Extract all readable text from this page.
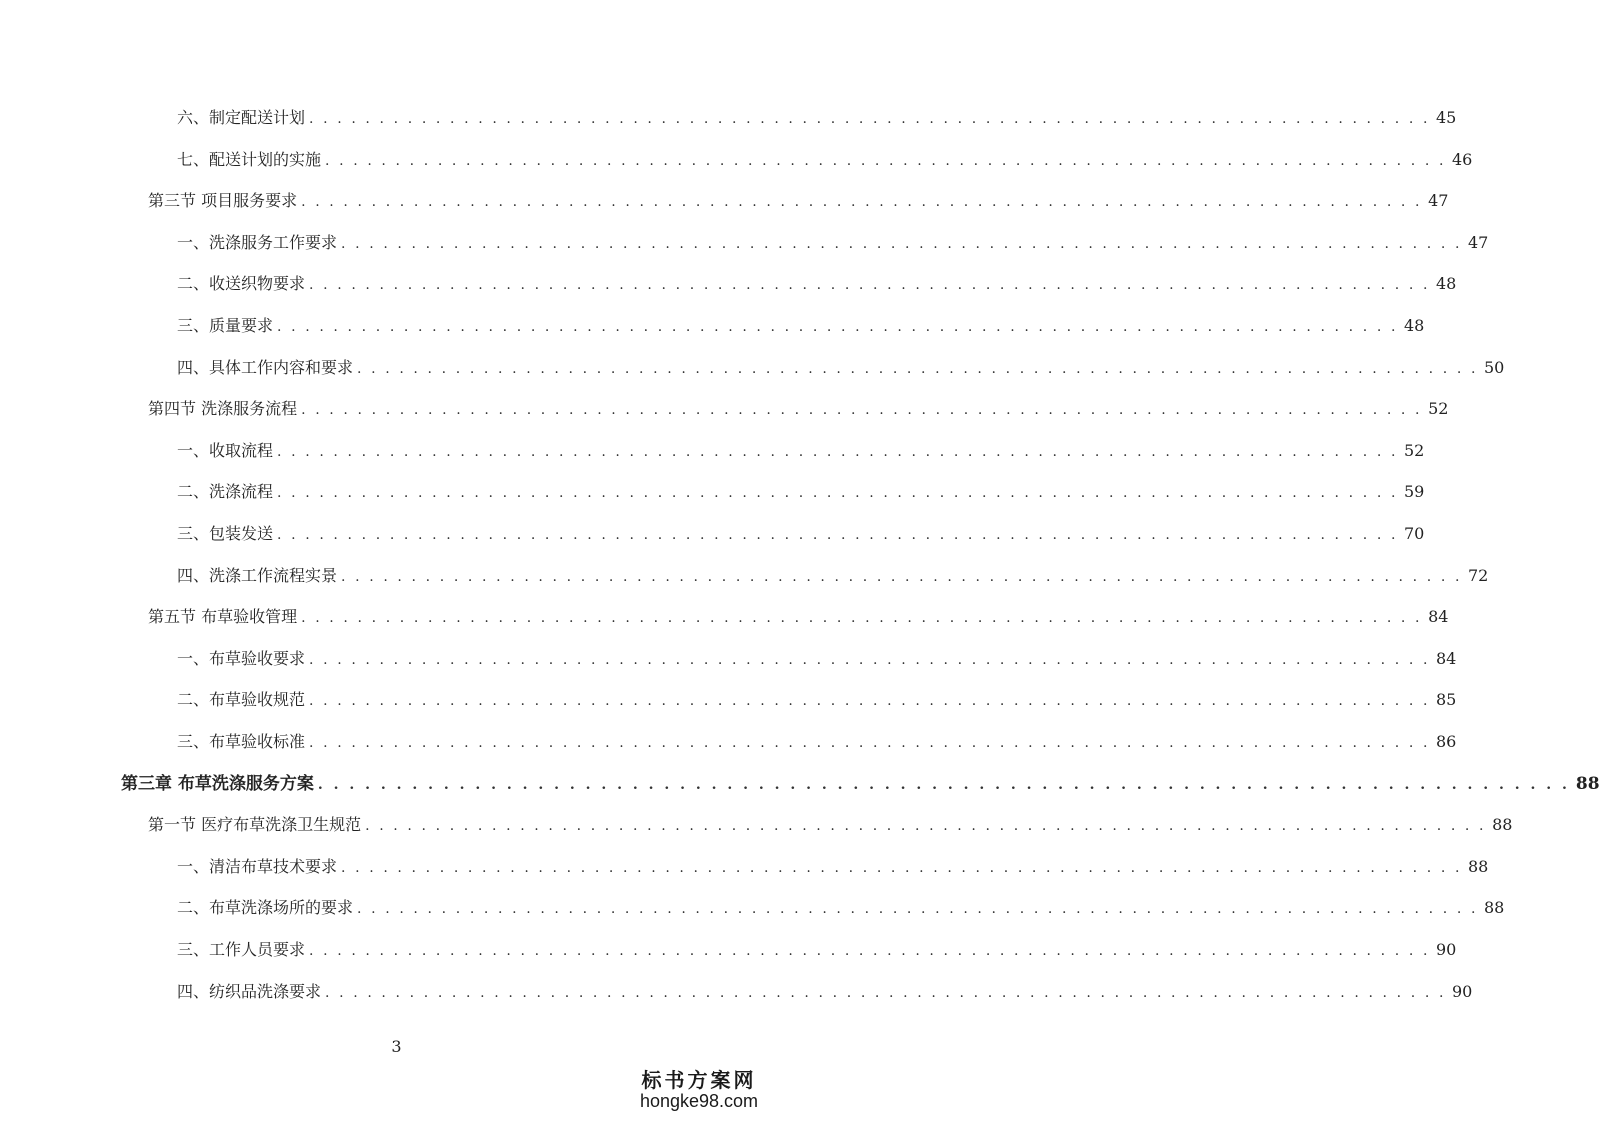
六、制定配送计划 . . . . . . . . . . . . . . . . . . . . . . . . . . . . . . . . . . . . . . . . . . . . . . . . . . . . . . . . . . . . . . . . . . . . . . . . . . . . . . . . 45
七、配送计划的实施 . . . . . . . . . . . . . . . . . . . . . . . . . . . . . . . . . . . . . . . . . . . . . . . . . . . . . . . . . . . . . . . . . . . . . . . . . . . . . . . . 46
第三节 项目服务要求 . . . . . . . . . . . . . . . . . . . . . . . . . . . . . . . . . . . . . . . . . . . . . . . . . . . . . . . . . . . . . . . . . . . . . . . . . . . . . . . . 47
一、洗涤服务工作要求 . . . . . . . . . . . . . . . . . . . . . . . . . . . . . . . . . . . . . . . . . . . . . . . . . . . . . . . . . . . . . . . . . . . . . . . . . . . . . . . . 47
二、收送织物要求 . . . . . . . . . . . . . . . . . . . . . . . . . . . . . . . . . . . . . . . . . . . . . . . . . . . . . . . . . . . . . . . . . . . . . . . . . . . . . . . . 48
三、质量要求 . . . . . . . . . . . . . . . . . . . . . . . . . . . . . . . . . . . . . . . . . . . . . . . . . . . . . . . . . . . . . . . . . . . . . . . . . . . . . . . . 48
四、具体工作内容和要求 . . . . . . . . . . . . . . . . . . . . . . . . . . . . . . . . . . . . . . . . . . . . . . . . . . . . . . . . . . . . . . . . . . . . . . . . . . . . . . . . 50
第四节 洗涤服务流程 . . . . . . . . . . . . . . . . . . . . . . . . . . . . . . . . . . . . . . . . . . . . . . . . . . . . . . . . . . . . . . . . . . . . . . . . . . . . . . . . 52
一、收取流程 . . . . . . . . . . . . . . . . . . . . . . . . . . . . . . . . . . . . . . . . . . . . . . . . . . . . . . . . . . . . . . . . . . . . . . . . . . . . . . . . 52
二、洗涤流程 . . . . . . . . . . . . . . . . . . . . . . . . . . . . . . . . . . . . . . . . . . . . . . . . . . . . . . . . . . . . . . . . . . . . . . . . . . . . . . . . 59
三、包装发送 . . . . . . . . . . . . . . . . . . . . . . . . . . . . . . . . . . . . . . . . . . . . . . . . . . . . . . . . . . . . . . . . . . . . . . . . . . . . . . . . 70
四、洗涤工作流程实景 . . . . . . . . . . . . . . . . . . . . . . . . . . . . . . . . . . . . . . . . . . . . . . . . . . . . . . . . . . . . . . . . . . . . . . . . . . . . . . . . 72
第五节 布草验收管理 . . . . . . . . . . . . . . . . . . . . . . . . . . . . . . . . . . . . . . . . . . . . . . . . . . . . . . . . . . . . . . . . . . . . . . . . . . . . . . . . 84
一、布草验收要求 . . . . . . . . . . . . . . . . . . . . . . . . . . . . . . . . . . . . . . . . . . . . . . . . . . . . . . . . . . . . . . . . . . . . . . . . . . . . . . . . 84
二、布草验收规范 . . . . . . . . . . . . . . . . . . . . . . . . . . . . . . . . . . . . . . . . . . . . . . . . . . . . . . . . . . . . . . . . . . . . . . . . . . . . . . . . 85
三、布草验收标准 . . . . . . . . . . . . . . . . . . . . . . . . . . . . . . . . . . . . . . . . . . . . . . . . . . . . . . . . . . . . . . . . . . . . . . . . . . . . . . . . 86
第三章 布草洗涤服务方案 . . . . . . . . . . . . . . . . . . . . . . . . . . . . . . . . . . . . . . . . . . . . . . . . . . . . . . . . . . . . . . . . . . . . . . . . . . . . . . . . 88
第一节 医疗布草洗涤卫生规范 . . . . . . . . . . . . . . . . . . . . . . . . . . . . . . . . . . . . . . . . . . . . . . . . . . . . . . . . . . . . . . . . . . . . . . . . . . . . . . . . 88
一、清洁布草技术要求 . . . . . . . . . . . . . . . . . . . . . . . . . . . . . . . . . . . . . . . . . . . . . . . . . . . . . . . . . . . . . . . . . . . . . . . . . . . . . . . . 88
二、布草洗涤场所的要求 . . . . . . . . . . . . . . . . . . . . . . . . . . . . . . . . . . . . . . . . . . . . . . . . . . . . . . . . . . . . . . . . . . . . . . . . . . . . . . . . 88
三、工作人员要求 . . . . . . . . . . . . . . . . . . . . . . . . . . . . . . . . . . . . . . . . . . . . . . . . . . . . . . . . . . . . . . . . . . . . . . . . . . . . . . . . 90
四、纺织品洗涤要求 . . . . . . . . . . . . . . . . . . . . . . . . . . . . . . . . . . . . . . . . . . . . . . . . . . . . . . . . . . . . . . . . . . . . . . . . . . . . . . . . 90
3
标书方案网
hongke98.com
